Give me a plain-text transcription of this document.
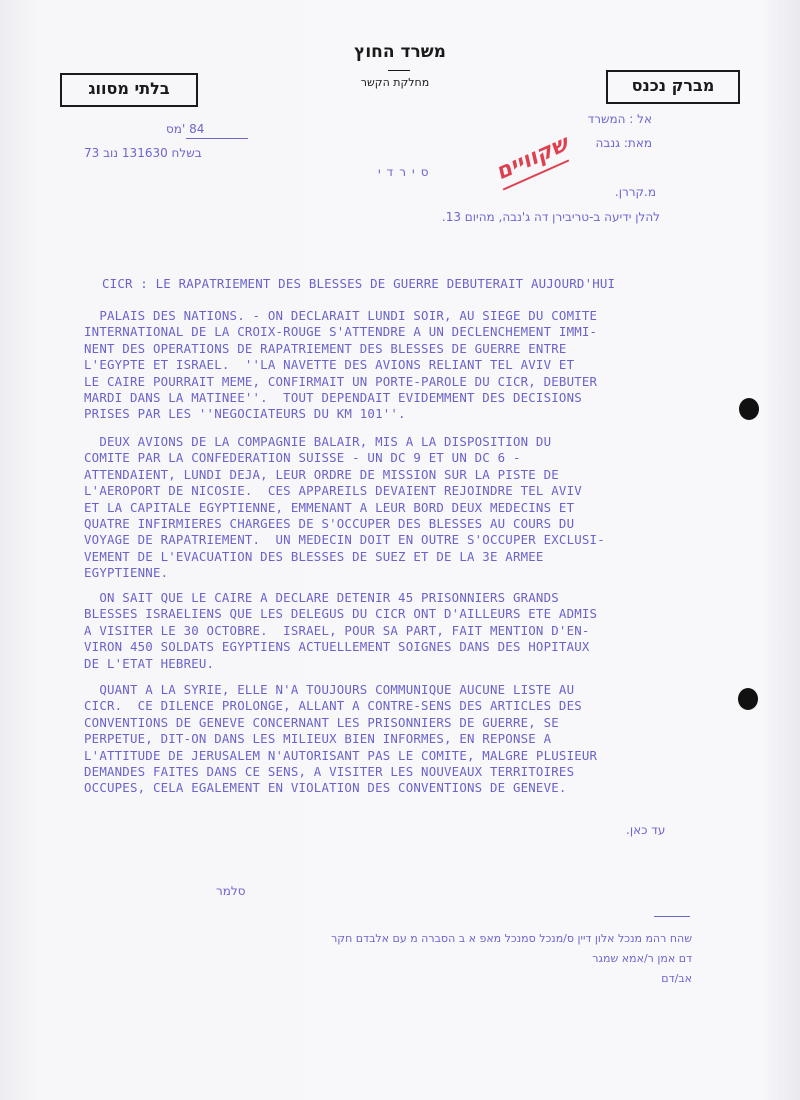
משרד החוץ
מחלקת הקשר
בלתי מסווג	מברק נכנס
84 'מס
בשלח 131630 נוב 73
אל : המשרד
מאת: גנבה
סירדי	שקוויים
מ.קררן.
להלן ידיעה ב-טריבירן דה ג'נבה, מהיום 13.
CICR : LE RAPATRIEMENT DES BLESSES DE GUERRE DEBUTERAIT AUJOURD'HUI
PALAIS DES NATIONS. - ON DECLARAIT LUNDI SOIR, AU SIEGE DU COMITE
INTERNATIONAL DE LA CROIX-ROUGE S'ATTENDRE A UN DECLENCHEMENT IMMI-
NENT DES OPERATIONS DE RAPATRIEMENT DES BLESSES DE GUERRE ENTRE
L'EGYPTE ET ISRAEL.  ''LA NAVETTE DES AVIONS RELIANT TEL AVIV ET
LE CAIRE POURRAIT MEME, CONFIRMAIT UN PORTE-PAROLE DU CICR, DEBUTER
MARDI DANS LA MATINEE''.  TOUT DEPENDAIT EVIDEMMENT DES DECISIONS
PRISES PAR LES ''NEGOCIATEURS DU KM 101''.
DEUX AVIONS DE LA COMPAGNIE BALAIR, MIS A LA DISPOSITION DU
COMITE PAR LA CONFEDERATION SUISSE - UN DC 9 ET UN DC 6 -
ATTENDAIENT, LUNDI DEJA, LEUR ORDRE DE MISSION SUR LA PISTE DE
L'AEROPORT DE NICOSIE.  CES APPAREILS DEVAIENT REJOINDRE TEL AVIV
ET LA CAPITALE EGYPTIENNE, EMMENANT A LEUR BORD DEUX MEDECINS ET
QUATRE INFIRMIERES CHARGEES DE S'OCCUPER DES BLESSES AU COURS DU
VOYAGE DE RAPATRIEMENT.  UN MEDECIN DOIT EN OUTRE S'OCCUPER EXCLUSI-
VEMENT DE L'EVACUATION DES BLESSES DE SUEZ ET DE LA 3E ARMEE
EGYPTIENNE.
ON SAIT QUE LE CAIRE A DECLARE DETENIR 45 PRISONNIERS GRANDS
BLESSES ISRAELIENS QUE LES DELEGUS DU CICR ONT D'AILLEURS ETE ADMIS
A VISITER LE 30 OCTOBRE.  ISRAEL, POUR SA PART, FAIT MENTION D'EN-
VIRON 450 SOLDATS EGYPTIENS ACTUELLEMENT SOIGNES DANS DES HOPITAUX
DE L'ETAT HEBREU.
QUANT A LA SYRIE, ELLE N'A TOUJOURS COMMUNIQUE AUCUNE LISTE AU
CICR.  CE DILENCE PROLONGE, ALLANT A CONTRE-SENS DES ARTICLES DES
CONVENTIONS DE GENEVE CONCERNANT LES PRISONNIERS DE GUERRE, SE
PERPETUE, DIT-ON DANS LES MILIEUX BIEN INFORMES, EN REPONSE A
L'ATTITUDE DE JERUSALEM N'AUTORISANT PAS LE COMITE, MALGRE PLUSIEUR
DEMANDES FAITES DANS CE SENS, A VISITER LES NOUVEAUX TERRITOIRES
OCCUPES, CELA EGALEMENT EN VIOLATION DES CONVENTIONS DE GENEVE.
עד כאן.
סלמר
שהח רהמ מנכל אלון דיין ס/מנכל סמנכל מאפ א ב הסברה מ עם אלבדם חקר
דם אמן ר/אמא שמגר
אב/דם
